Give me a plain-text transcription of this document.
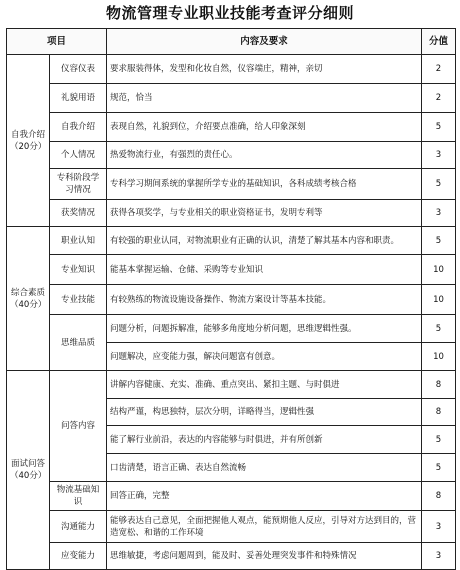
物流管理专业职业技能考查评分细则
项目		内容及要求	分值
自我介绍（20分）	仪容仪表	要求服装得体，发型和化妆自然，仪容端庄，精神，亲切	2
	礼貌用语	规范，恰当	2
	自我介绍	表现自然，礼貌到位，介绍要点准确，给人印象深刻	5
	个人情况	热爱物流行业，有强烈的责任心。	3
	专科阶段学习情况	专科学习期间系统的掌握所学专业的基础知识，各科成绩考核合格	5
	获奖情况	获得各项奖学，与专业相关的职业资格证书，发明专利等	3
综合素质（40分）	职业认知	有较强的职业认同，对物流职业有正确的认识，清楚了解其基本内容和职责。	5
	专业知识	能基本掌握运输、仓储、采购等专业知识	10
	专业技能	有较熟练的物流设施设备操作、物流方案设计等基本技能。	10
	思维品质	问题分析，问题拆解准，能够多角度地分析问题，思维逻辑性强。	5
		问题解决，应变能力强，解决问题富有创意。	10
面试问答（40分）	问答内容	讲解内容健康、充实、准确、重点突出、紧扣主题、与时俱进	8
		结构严谨，构思独特，层次分明，详略得当，逻辑性强	8
		能了解行业前沿，表达的内容能够与时俱进，并有所创新	5
		口齿清楚，语言正确、表达自然流畅	5
	物流基础知识	回答正确，完整	8
	沟通能力	能够表达自己意见，全面把握他人观点，能预期他人反应，引导对方达到目的，营造宽松、和谐的工作环境	3
	应变能力	思维敏捷，考虑问题周到，能及时、妥善处理突发事件和特殊情况	3
